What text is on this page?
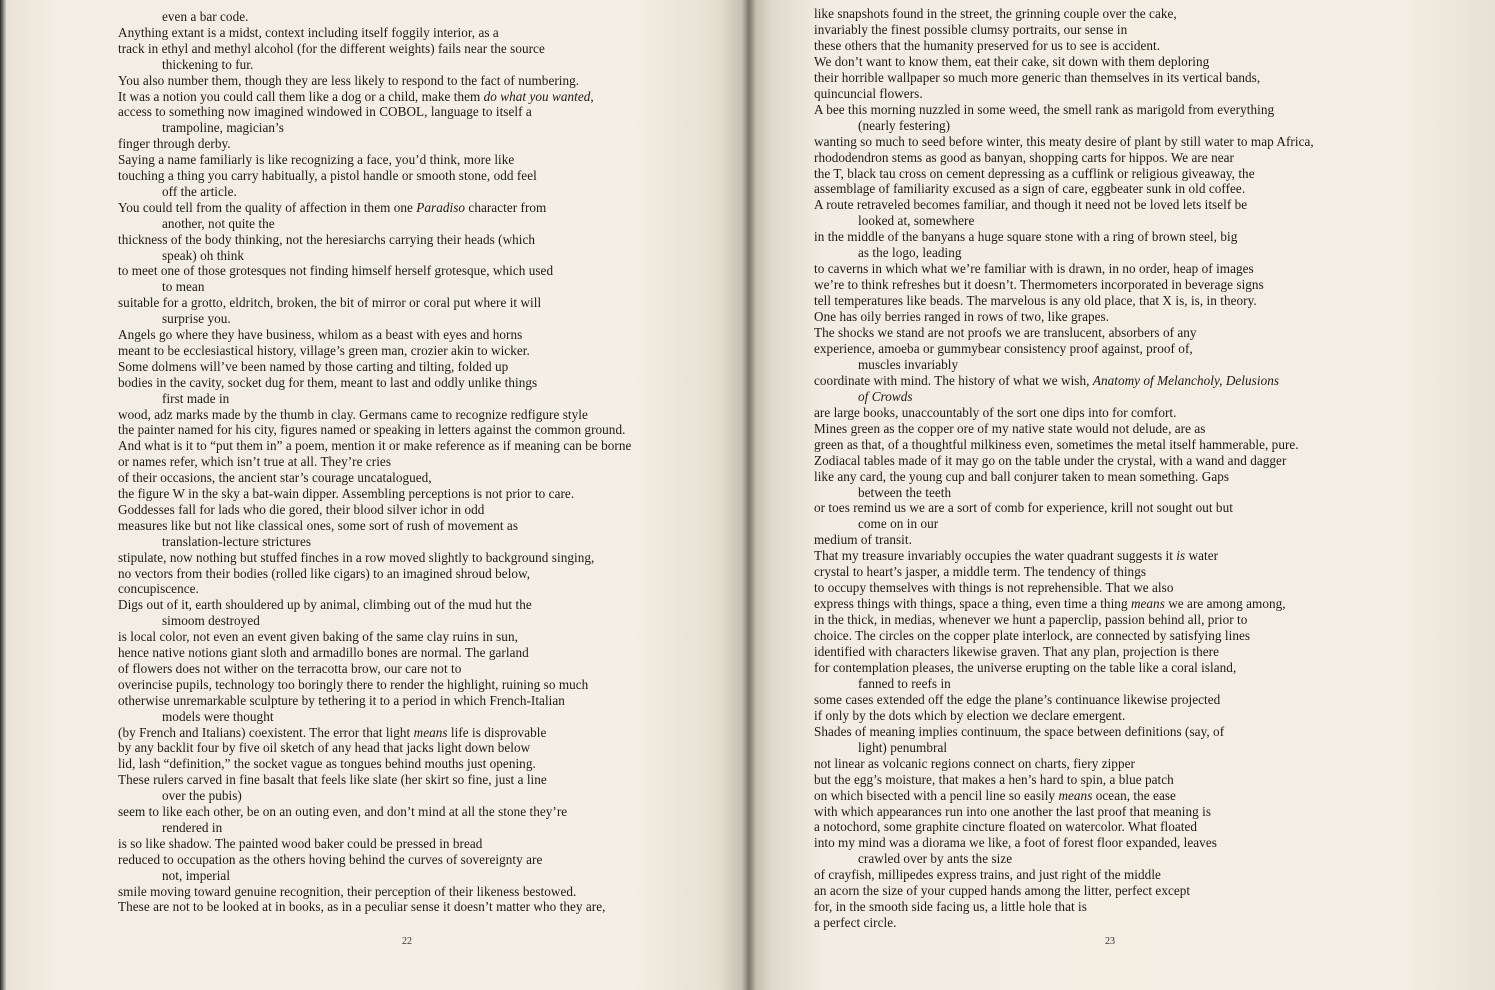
even a bar code.
Anything extant is a midst, context including itself foggily interior, as a
track in ethyl and methyl alcohol (for the different weights) fails near the source
thickening to fur.
You also number them, though they are less likely to respond to the fact of numbering.
It was a notion you could call them like a dog or a child, make them do what you wanted,
access to something now imagined windowed in COBOL, language to itself a
trampoline, magician’s
finger through derby.
Saying a name familiarly is like recognizing a face, you’d think, more like
touching a thing you carry habitually, a pistol handle or smooth stone, odd feel
off the article.
You could tell from the quality of affection in them one Paradiso character from
another, not quite the
thickness of the body thinking, not the heresiarchs carrying their heads (which
speak) oh think
to meet one of those grotesques not finding himself herself grotesque, which used
to mean
suitable for a grotto, eldritch, broken, the bit of mirror or coral put where it will
surprise you.
Angels go where they have business, whilom as a beast with eyes and horns
meant to be ecclesiastical history, village’s green man, crozier akin to wicker.
Some dolmens will’ve been named by those carting and tilting, folded up
bodies in the cavity, socket dug for them, meant to last and oddly unlike things
first made in
wood, adz marks made by the thumb in clay. Germans came to recognize redfigure style
the painter named for his city, figures named or speaking in letters against the common ground.
And what is it to “put them in” a poem, mention it or make reference as if meaning can be borne
or names refer, which isn’t true at all. They’re cries
of their occasions, the ancient star’s courage uncatalogued,
the figure W in the sky a bat-wain dipper. Assembling perceptions is not prior to care.
Goddesses fall for lads who die gored, their blood silver ichor in odd
measures like but not like classical ones, some sort of rush of movement as
translation-lecture strictures
stipulate, now nothing but stuffed finches in a row moved slightly to background singing,
no vectors from their bodies (rolled like cigars) to an imagined shroud below,
concupiscence.
Digs out of it, earth shouldered up by animal, climbing out of the mud hut the
simoom destroyed
is local color, not even an event given baking of the same clay ruins in sun,
hence native notions giant sloth and armadillo bones are normal. The garland
of flowers does not wither on the terracotta brow, our care not to
overincise pupils, technology too boringly there to render the highlight, ruining so much
otherwise unremarkable sculpture by tethering it to a period in which French-Italian
models were thought
(by French and Italians) coexistent. The error that light means life is disprovable
by any backlit four by five oil sketch of any head that jacks light down below
lid, lash “definition,” the socket vague as tongues behind mouths just opening.
These rulers carved in fine basalt that feels like slate (her skirt so fine, just a line
over the pubis)
seem to like each other, be on an outing even, and don’t mind at all the stone they’re
rendered in
is so like shadow. The painted wood baker could be pressed in bread
reduced to occupation as the others hoving behind the curves of sovereignty are
not, imperial
smile moving toward genuine recognition, their perception of their likeness bestowed.
These are not to be looked at in books, as in a peculiar sense it doesn’t matter who they are,
22
like snapshots found in the street, the grinning couple over the cake,
invariably the finest possible clumsy portraits, our sense in
these others that the humanity preserved for us to see is accident.
We don’t want to know them, eat their cake, sit down with them deploring
their horrible wallpaper so much more generic than themselves in its vertical bands,
quincuncial flowers.
A bee this morning nuzzled in some weed, the smell rank as marigold from everything
(nearly festering)
wanting so much to seed before winter, this meaty desire of plant by still water to map Africa,
rhododendron stems as good as banyan, shopping carts for hippos. We are near
the T, black tau cross on cement depressing as a cufflink or religious giveaway, the
assemblage of familiarity excused as a sign of care, eggbeater sunk in old coffee.
A route retraveled becomes familiar, and though it need not be loved lets itself be
looked at, somewhere
in the middle of the banyans a huge square stone with a ring of brown steel, big
as the logo, leading
to caverns in which what we’re familiar with is drawn, in no order, heap of images
we’re to think refreshes but it doesn’t. Thermometers incorporated in beverage signs
tell temperatures like beads. The marvelous is any old place, that X is, is, in theory.
One has oily berries ranged in rows of two, like grapes.
The shocks we stand are not proofs we are translucent, absorbers of any
experience, amoeba or gummybear consistency proof against, proof of,
muscles invariably
coordinate with mind. The history of what we wish, Anatomy of Melancholy, Delusions
of Crowds
are large books, unaccountably of the sort one dips into for comfort.
Mines green as the copper ore of my native state would not delude, are as
green as that, of a thoughtful milkiness even, sometimes the metal itself hammerable, pure.
Zodiacal tables made of it may go on the table under the crystal, with a wand and dagger
like any card, the young cup and ball conjurer taken to mean something. Gaps
between the teeth
or toes remind us we are a sort of comb for experience, krill not sought out but
come on in our
medium of transit.
That my treasure invariably occupies the water quadrant suggests it is water
crystal to heart’s jasper, a middle term. The tendency of things
to occupy themselves with things is not reprehensible. That we also
express things with things, space a thing, even time a thing means we are among among,
in the thick, in medias, whenever we hunt a paperclip, passion behind all, prior to
choice. The circles on the copper plate interlock, are connected by satisfying lines
identified with characters likewise graven. That any plan, projection is there
for contemplation pleases, the universe erupting on the table like a coral island,
fanned to reefs in
some cases extended off the edge the plane’s continuance likewise projected
if only by the dots which by election we declare emergent.
Shades of meaning implies continuum, the space between definitions (say, of
light) penumbral
not linear as volcanic regions connect on charts, fiery zipper
but the egg’s moisture, that makes a hen’s hard to spin, a blue patch
on which bisected with a pencil line so easily means ocean, the ease
with which appearances run into one another the last proof that meaning is
a notochord, some graphite cincture floated on watercolor. What floated
into my mind was a diorama we like, a foot of forest floor expanded, leaves
crawled over by ants the size
of crayfish, millipedes express trains, and just right of the middle
an acorn the size of your cupped hands among the litter, perfect except
for, in the smooth side facing us, a little hole that is
a perfect circle.
23
